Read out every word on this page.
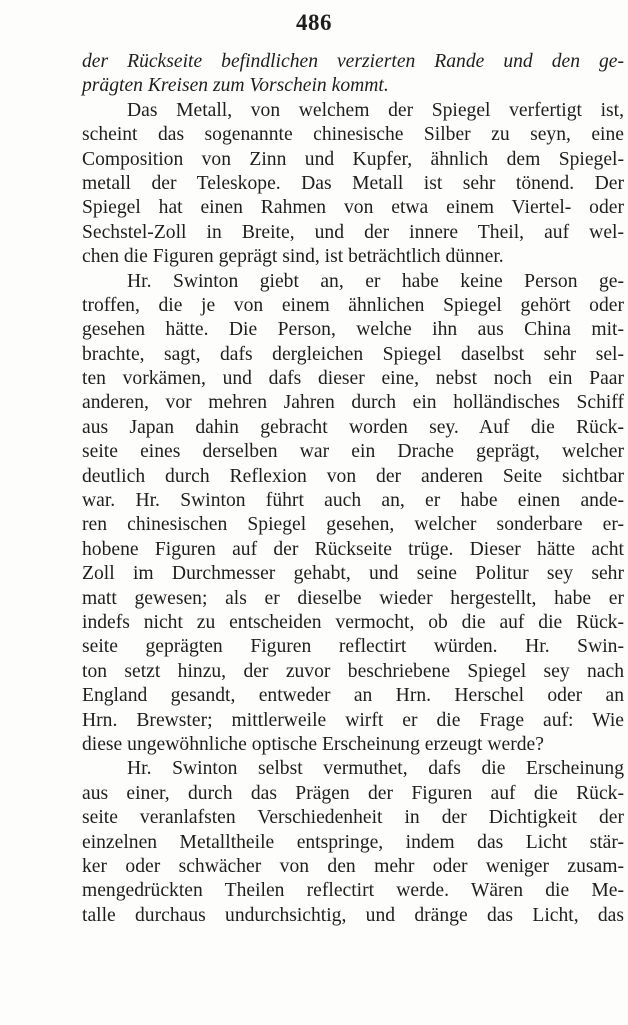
486
der Rückseite befindlichen verzierten Rande und den ge-
prägten Kreisen zum Vorschein kommt.
Das Metall, von welchem der Spiegel verfertigt ist,
scheint das sogenannte chinesische Silber zu seyn, eine
Composition von Zinn und Kupfer, ähnlich dem Spiegel-
metall der Teleskope. Das Metall ist sehr tönend. Der
Spiegel hat einen Rahmen von etwa einem Viertel- oder
Sechstel-Zoll in Breite, und der innere Theil, auf wel-
chen die Figuren geprägt sind, ist beträchtlich dünner.
Hr. Swinton giebt an, er habe keine Person ge-
troffen, die je von einem ähnlichen Spiegel gehört oder
gesehen hätte. Die Person, welche ihn aus China mit-
brachte, sagt, dafs dergleichen Spiegel daselbst sehr sel-
ten vorkämen, und dafs dieser eine, nebst noch ein Paar
anderen, vor mehren Jahren durch ein holländisches Schiff
aus Japan dahin gebracht worden sey. Auf die Rück-
seite eines derselben war ein Drache geprägt, welcher
deutlich durch Reflexion von der anderen Seite sichtbar
war. Hr. Swinton führt auch an, er habe einen ande-
ren chinesischen Spiegel gesehen, welcher sonderbare er-
hobene Figuren auf der Rückseite trüge. Dieser hätte acht
Zoll im Durchmesser gehabt, und seine Politur sey sehr
matt gewesen; als er dieselbe wieder hergestellt, habe er
indefs nicht zu entscheiden vermocht, ob die auf die Rück-
seite geprägten Figuren reflectirt würden. Hr. Swin-
ton setzt hinzu, der zuvor beschriebene Spiegel sey nach
England gesandt, entweder an Hrn. Herschel oder an
Hrn. Brewster; mittlerweile wirft er die Frage auf: Wie
diese ungewöhnliche optische Erscheinung erzeugt werde?
Hr. Swinton selbst vermuthet, dafs die Erscheinung
aus einer, durch das Prägen der Figuren auf die Rück-
seite veranlafsten Verschiedenheit in der Dichtigkeit der
einzelnen Metalltheile entspringe, indem das Licht stär-
ker oder schwächer von den mehr oder weniger zusam-
mengedrückten Theilen reflectirt werde. Wären die Me-
talle durchaus undurchsichtig, und dränge das Licht, das
